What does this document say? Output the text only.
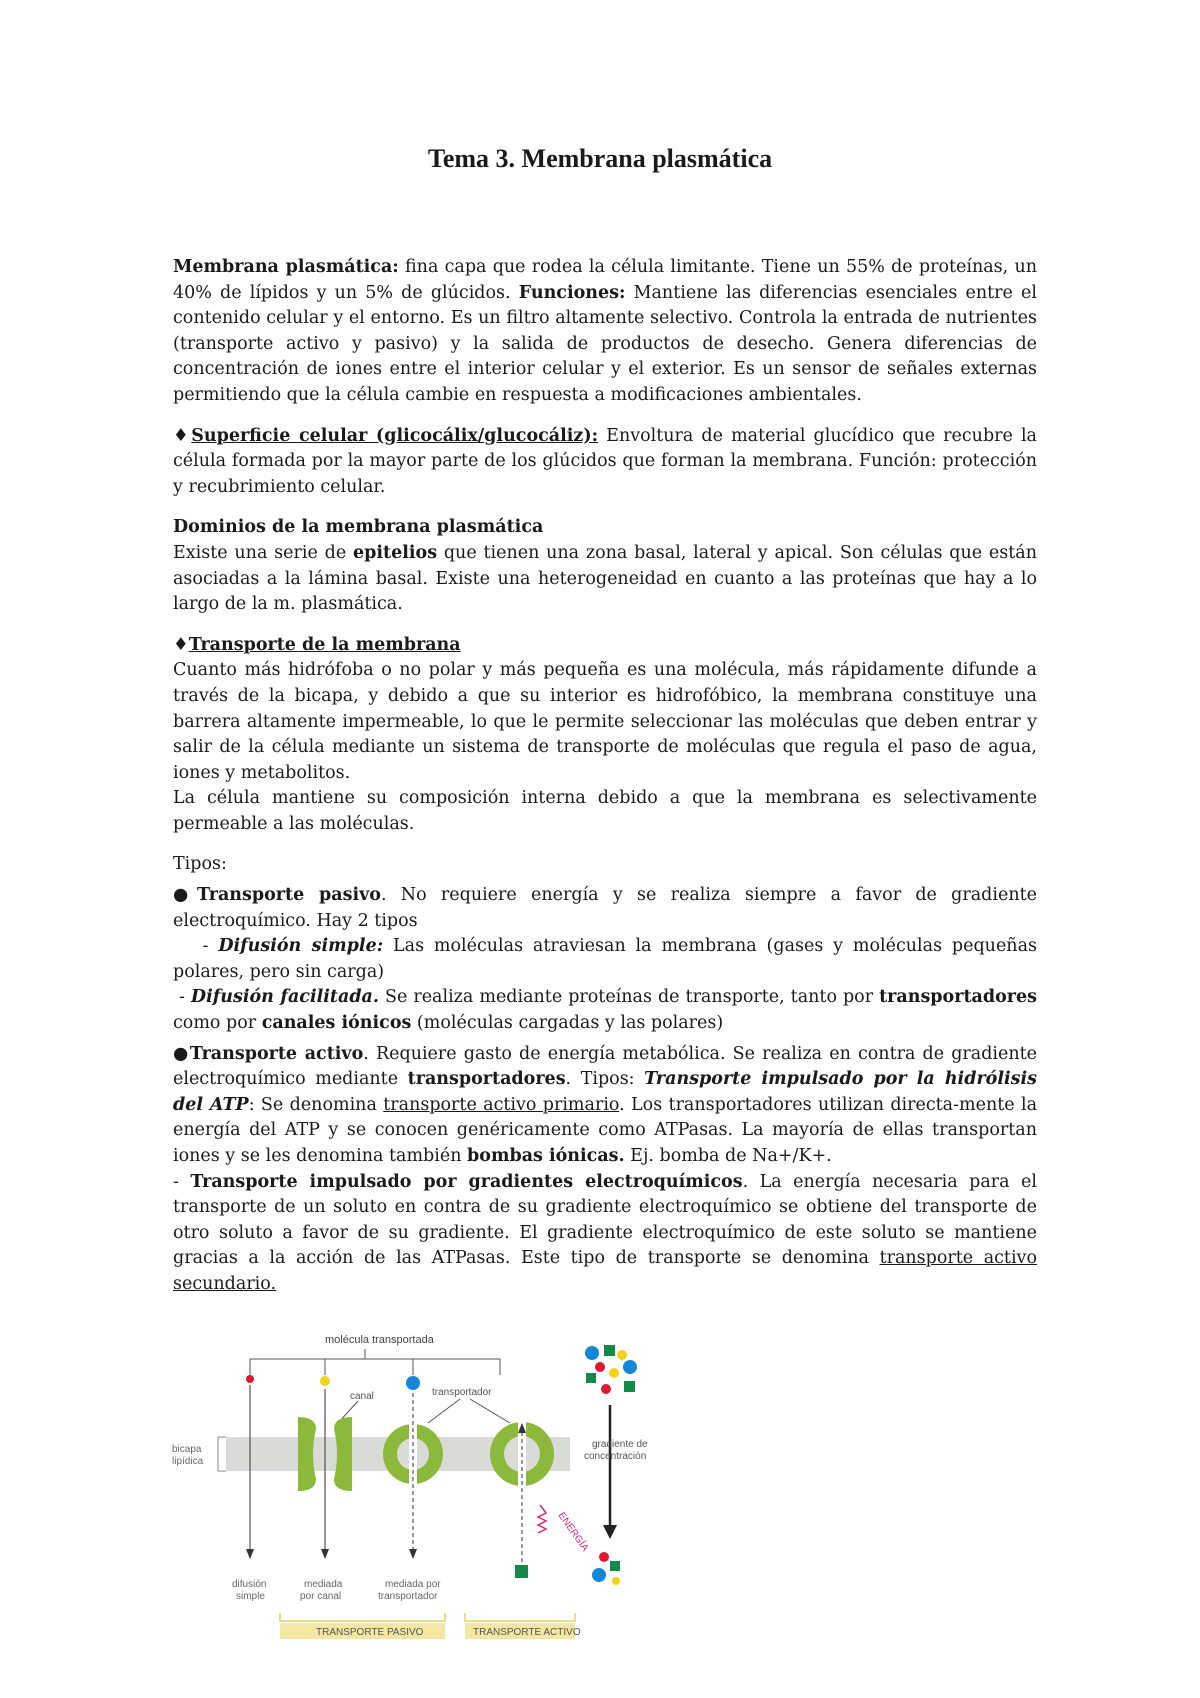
Tema 3. Membrana plasmática

Membrana plasmática: fina capa que rodea la célula limitante. Tiene un 55% de proteínas, un 40% de lípidos y un 5% de glúcidos. Funciones: Mantiene las diferencias esenciales entre el contenido celular y el entorno. Es un filtro altamente selectivo. Controla la entrada de nutrientes (transporte activo y pasivo) y la salida de productos de desecho. Genera diferencias de concentración de iones entre el interior celular y el exterior. Es un sensor de señales externas permitiendo que la célula cambie en respuesta a modificaciones ambientales.

♦Superficie celular (glicocálix/glucocáliz): Envoltura de material glucídico que recubre la célula formada por la mayor parte de los glúcidos que forman la membrana. Función: protección y recubrimiento celular.

Dominios de la membrana plasmática

Existe una serie de epitelios que tienen una zona basal, lateral y apical. Son células que están asociadas a la lámina basal. Existe una heterogeneidad en cuanto a las proteínas que hay a lo largo de la m. plasmática.

♦Transporte de la membrana

Cuanto más hidrófoba o no polar y más pequeña es una molécula, más rápidamente difunde a través de la bicapa, y debido a que su interior es hidrofóbico, la membrana constituye una barrera altamente impermeable, lo que le permite seleccionar las moléculas que deben entrar y salir de la célula mediante un sistema de transporte de moléculas que regula el paso de agua, iones y metabolitos.

La célula mantiene su composición interna debido a que la membrana es selectivamente permeable a las moléculas.

Tipos:

●Transporte pasivo. No requiere energía y se realiza siempre a favor de gradiente electroquímico. Hay 2 tipos

- Difusión simple: Las moléculas atraviesan la membrana (gases y moléculas pequeñas polares, pero sin carga)

- Difusión facilitada. Se realiza mediante proteínas de transporte, tanto por transportadores como por canales iónicos (moléculas cargadas y las polares)

●Transporte activo. Requiere gasto de energía metabólica. Se realiza en contra de gradiente electroquímico mediante transportadores. Tipos: Transporte impulsado por la hidrólisis del ATP: Se denomina transporte activo primario. Los transportadores utilizan directa-mente la energía del ATP y se conocen genéricamente como ATPasas. La mayoría de ellas transportan iones y se les denomina también bombas iónicas. Ej. bomba de Na+/K+.

- Transporte impulsado por gradientes electroquímicos. La energía necesaria para el transporte de un soluto en contra de su gradiente electroquímico se obtiene del transporte de otro soluto a favor de su gradiente. El gradiente electroquímico de este soluto se mantiene gracias a la acción de las ATPasas. Este tipo de transporte se denomina transporte activo secundario.

molécula transportada
bicapa
lipídica
canal	transportador
ENERGÍA
gradiente de
concentración
difusión
simple
mediada
por canal
mediada por
transportador
TRANSPORTE PASIVO	TRANSPORTE ACTIVO
